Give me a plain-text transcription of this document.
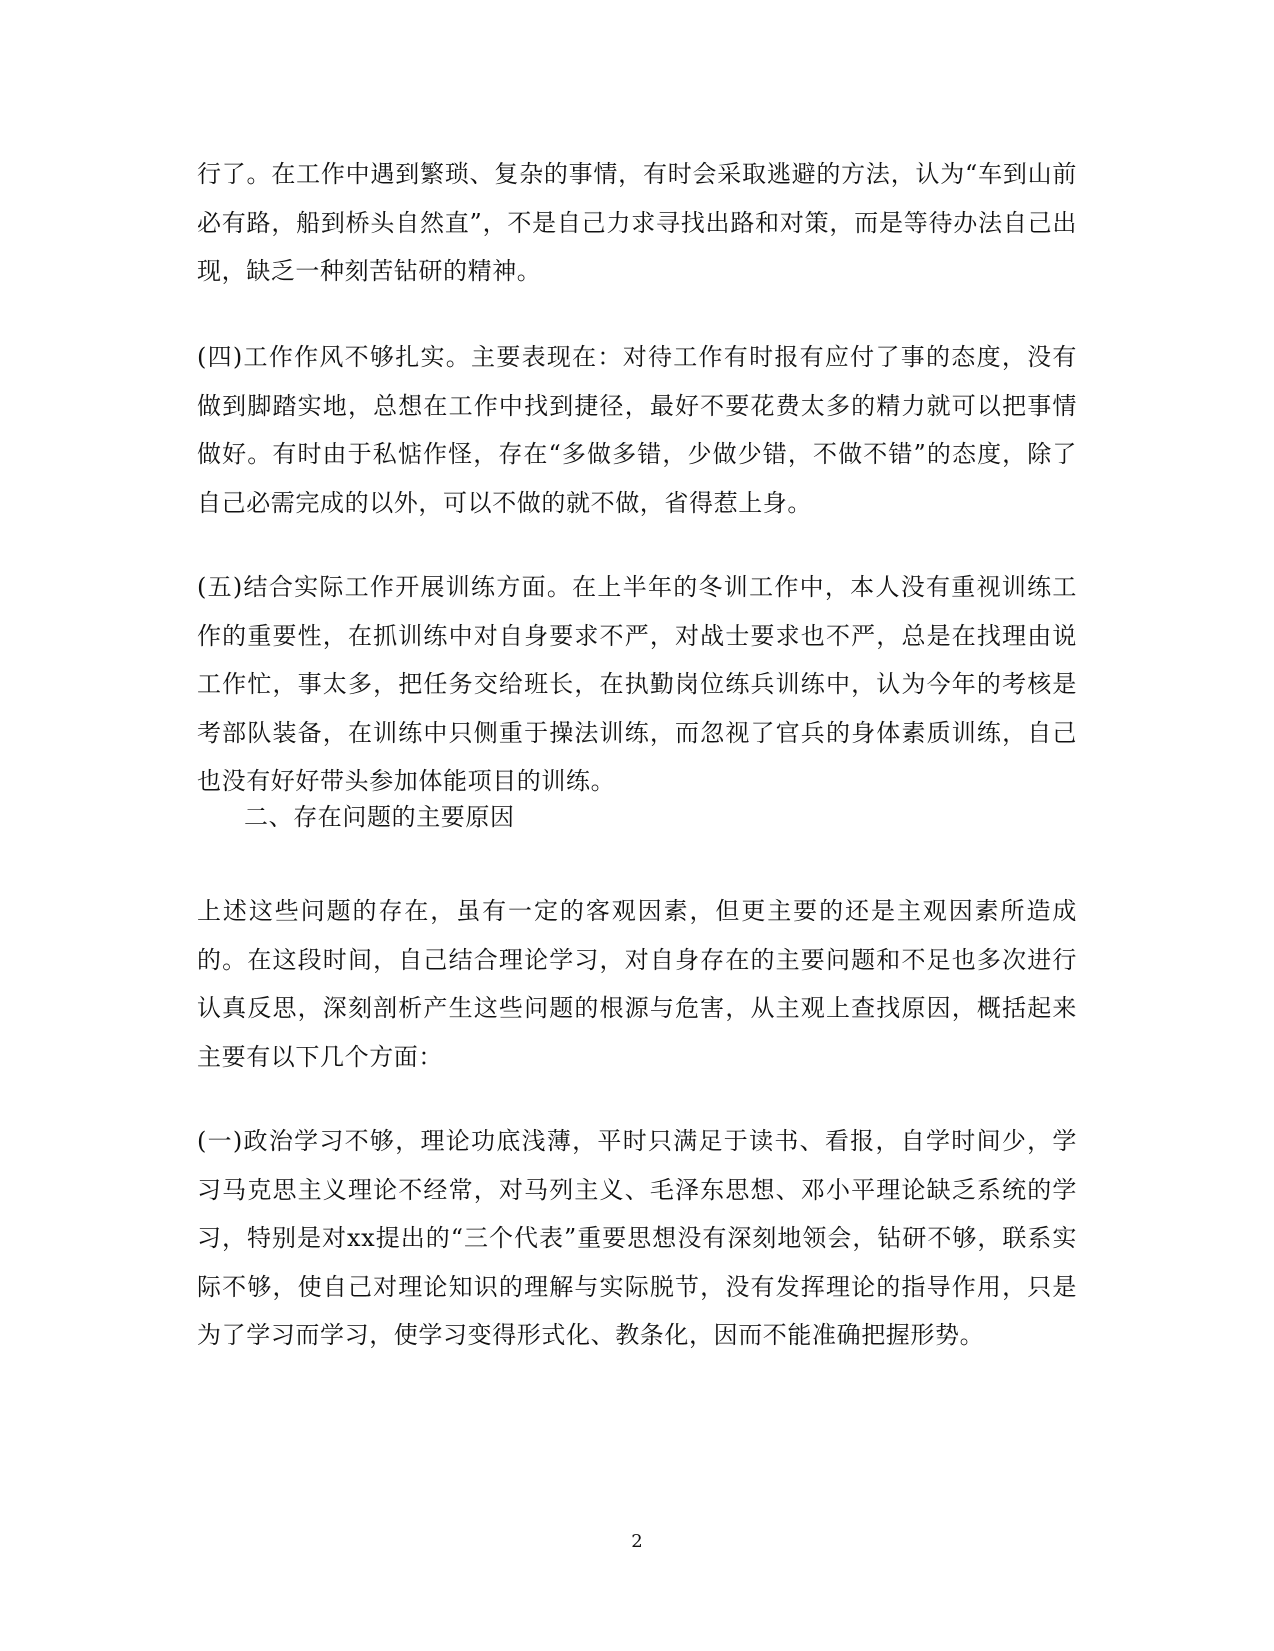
行了。在工作中遇到繁琐、复杂的事情，有时会采取逃避的方法，认为“车到山前必有路，船到桥头自然直”，不是自己力求寻找出路和对策，而是等待办法自己出现，缺乏一种刻苦钻研的精神。

(四)工作作风不够扎实。主要表现在：对待工作有时报有应付了事的态度，没有做到脚踏实地，总想在工作中找到捷径，最好不要花费太多的精力就可以把事情做好。有时由于私惦作怪，存在“多做多错，少做少错，不做不错”的态度，除了自己必需完成的以外，可以不做的就不做，省得惹上身。

(五)结合实际工作开展训练方面。在上半年的冬训工作中，本人没有重视训练工作的重要性，在抓训练中对自身要求不严，对战士要求也不严，总是在找理由说工作忙，事太多，把任务交给班长，在执勤岗位练兵训练中，认为今年的考核是考部队装备，在训练中只侧重于操法训练，而忽视了官兵的身体素质训练，自己也没有好好带头参加体能项目的训练。

二、存在问题的主要原因

上述这些问题的存在，虽有一定的客观因素，但更主要的还是主观因素所造成的。在这段时间，自己结合理论学习，对自身存在的主要问题和不足也多次进行认真反思，深刻剖析产生这些问题的根源与危害，从主观上查找原因，概括起来主要有以下几个方面：

(一)政治学习不够，理论功底浅薄，平时只满足于读书、看报，自学时间少，学习马克思主义理论不经常，对马列主义、毛泽东思想、邓小平理论缺乏系统的学习，特别是对xx提出的“三个代表”重要思想没有深刻地领会，钻研不够，联系实际不够，使自己对理论知识的理解与实际脱节，没有发挥理论的指导作用，只是为了学习而学习，使学习变得形式化、教条化，因而不能准确把握形势。

2
